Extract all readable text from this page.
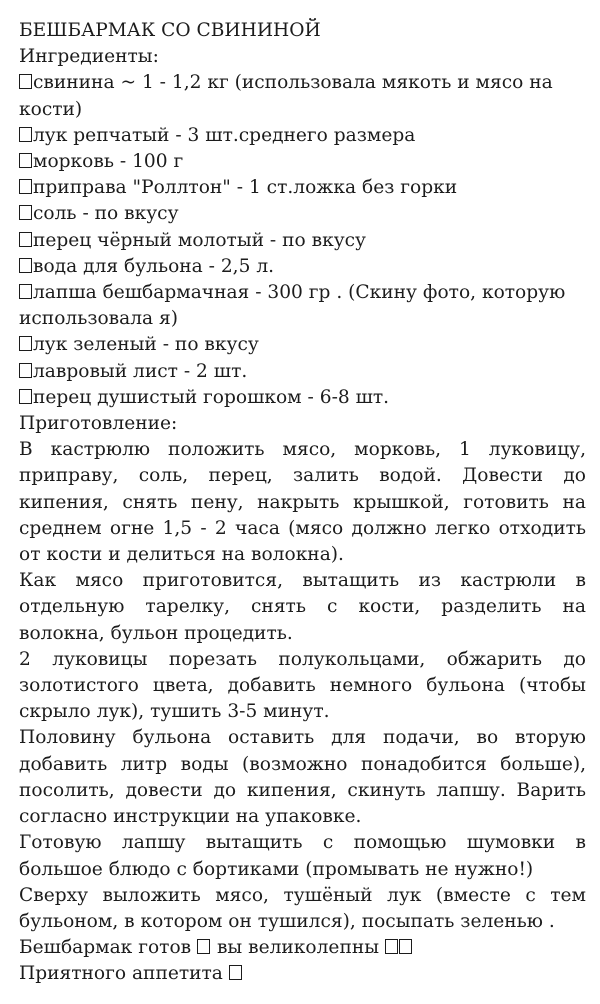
БЕШБАРМАК СО СВИНИНОЙ

Ингредиенты:

свинина ~ 1 - 1,2 кг (использовала мякоть и мясо на кости)

лук репчатый - 3 шт.среднего размера

морковь - 100 г

приправа "Роллтон" - 1 ст.ложка без горки

соль - по вкусу

перец чёрный молотый - по вкусу

вода для бульона - 2,5 л.

лапша бешбармачная - 300 гр . (Скину фото, которую использовала я)

лук зеленый - по вкусу

лавровый лист - 2 шт.

перец душистый горошком - 6-8 шт.

Приготовление:

В кастрюлю положить мясо, морковь, 1 луковицу, приправу, соль, перец, залить водой. Довести до кипения, снять пену, накрыть крышкой, готовить на среднем огне 1,5 - 2 часа (мясо должно легко отходить от кости и делиться на волокна).

Как мясо приготовится, вытащить из кастрюли в отдельную тарелку, снять с кости, разделить на волокна, бульон процедить.

2 луковицы порезать полукольцами, обжарить до золотистого цвета, добавить немного бульона (чтобы скрыло лук), тушить 3-5 минут.

Половину бульона оставить для подачи, во вторую добавить литр воды (возможно понадобится больше), посолить, довести до кипения, скинуть лапшу. Варить согласно инструкции на упаковке.

Готовую лапшу вытащить с помощью шумовки в большое блюдо с бортиками (промывать не нужно!)

Сверху выложить мясо, тушёный лук (вместе с тем бульоном, в котором он тушился), посыпать зеленью .

Бешбармак готов вы великолепны

Приятного аппетита
